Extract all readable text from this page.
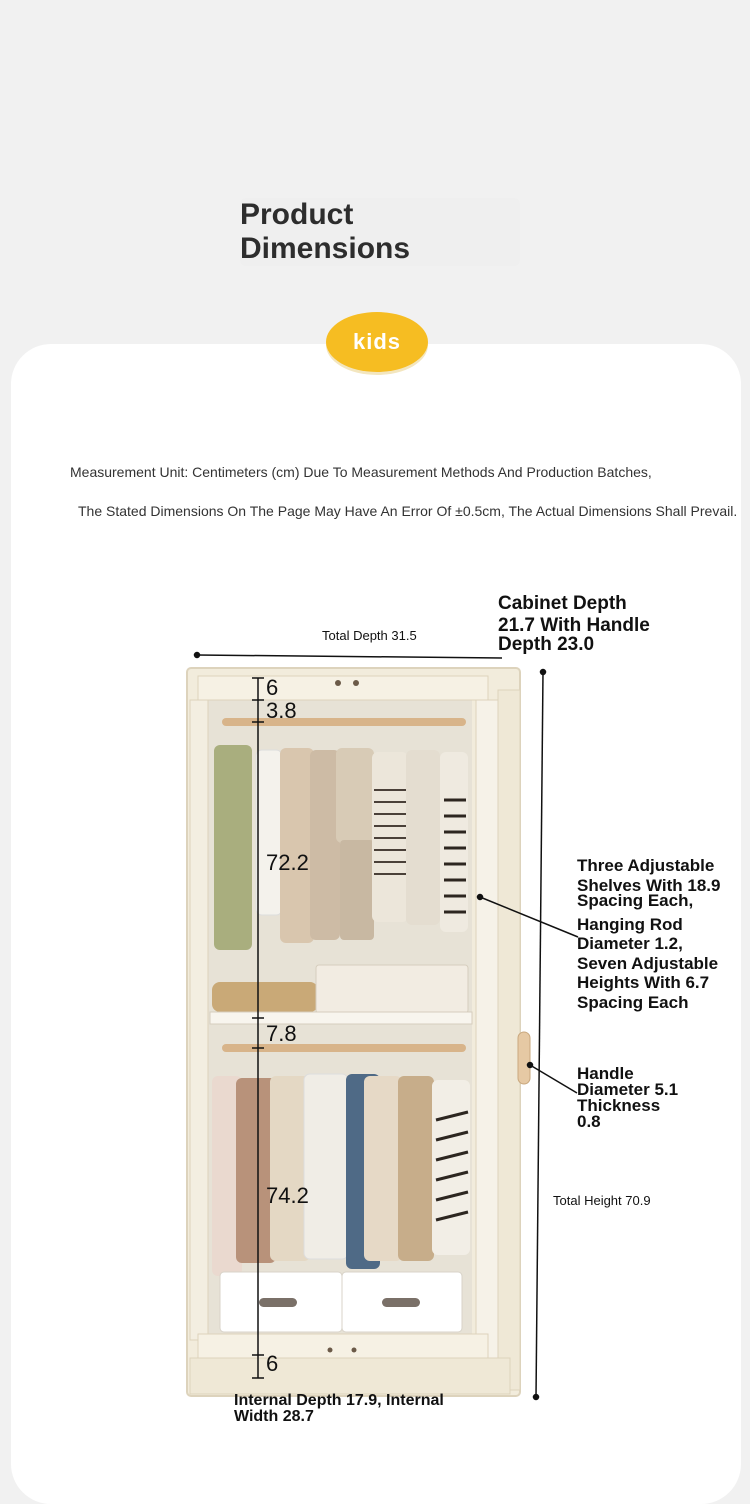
Product Dimensions
kids
Measurement Unit: Centimeters (cm) Due To Measurement Methods And Production Batches,
The Stated Dimensions On The Page May Have An Error Of ±0.5cm, The Actual Dimensions Shall Prevail.
6
3.8
72.2
7.8
74.2
6
Total Depth 31.5
Cabinet Depth
21.7 With Handle
Depth 23.0
Three Adjustable
Shelves With 18.9
Spacing Each,
Hanging Rod
Diameter 1.2,
Seven Adjustable
Heights With 6.7
Spacing Each
Handle
Diameter 5.1
Thickness
0.8
Total Height 70.9
Internal Depth 17.9, Internal
Width 28.7
